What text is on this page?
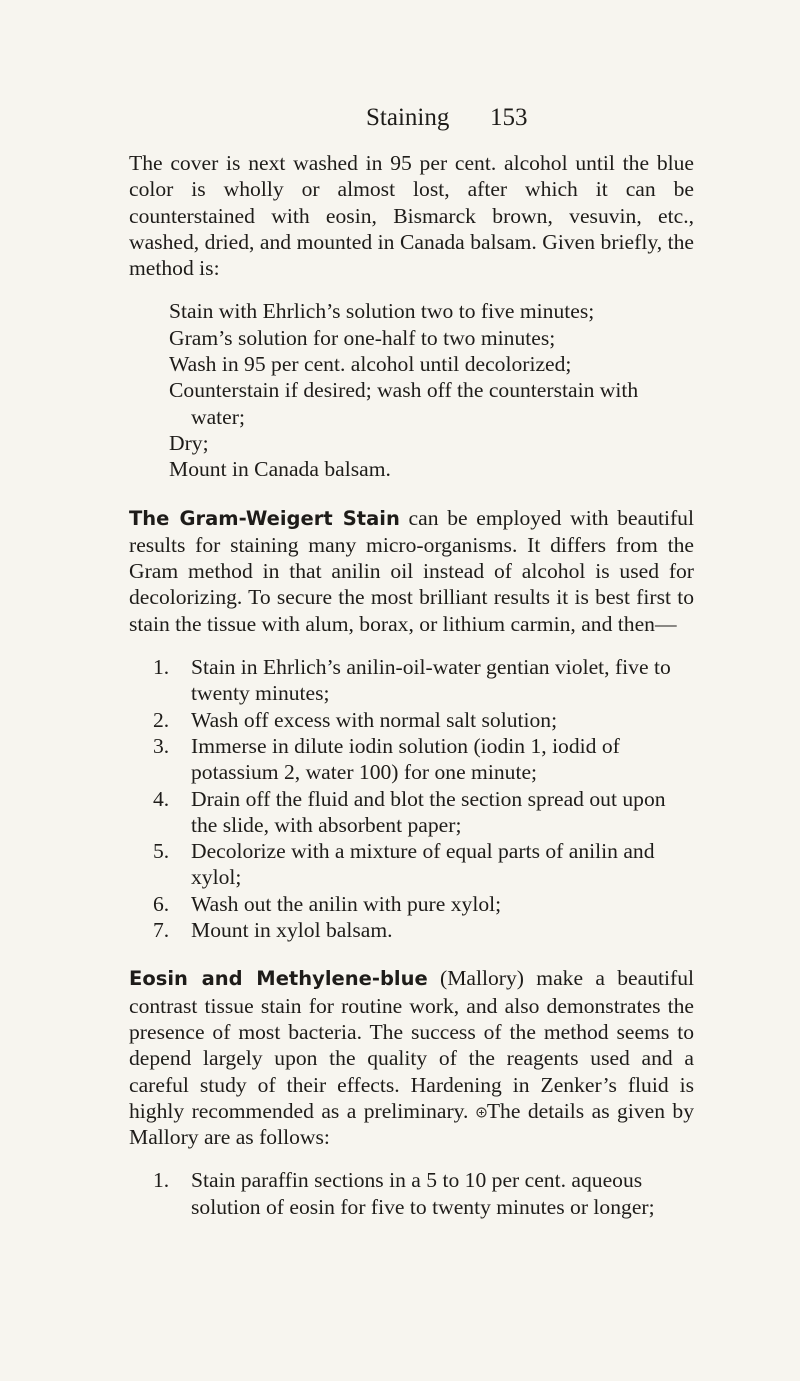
Staining 153

The cover is next washed in 95 per cent. alcohol until the blue color is wholly or almost lost, after which it can be counterstained with eosin, Bismarck brown, vesuvin, etc., washed, dried, and mounted in Canada balsam. Given briefly, the method is:

Stain with Ehrlich’s solution two to five minutes;
Gram’s solution for one-half to two minutes;
Wash in 95 per cent. alcohol until decolorized;
Counterstain if desired; wash off the counterstain with water;
Dry;
Mount in Canada balsam.

The Gram-Weigert Stain can be employed with beautiful results for staining many micro-organisms. It differs from the Gram method in that anilin oil instead of alcohol is used for decolorizing. To secure the most brilliant results it is best first to stain the tissue with alum, borax, or lithium carmin, and then—

1. Stain in Ehrlich’s anilin-oil-water gentian violet, five to twenty minutes;
2. Wash off excess with normal salt solution;
3. Immerse in dilute iodin solution (iodin 1, iodid of potassium 2, water 100) for one minute;
4. Drain off the fluid and blot the section spread out upon the slide, with absorbent paper;
5. Decolorize with a mixture of equal parts of anilin and xylol;
6. Wash out the anilin with pure xylol;
7. Mount in xylol balsam.

Eosin and Methylene-blue (Mallory) make a beautiful contrast tissue stain for routine work, and also demonstrates the presence of most bacteria. The success of the method seems to depend largely upon the quality of the reagents used and a careful study of their effects. Hardening in Zenker’s fluid is highly recommended as a preliminary.
The details as given by Mallory are as follows:

1. Stain paraffin sections in a 5 to 10 per cent. aqueous solution of eosin for five to twenty minutes or longer;
